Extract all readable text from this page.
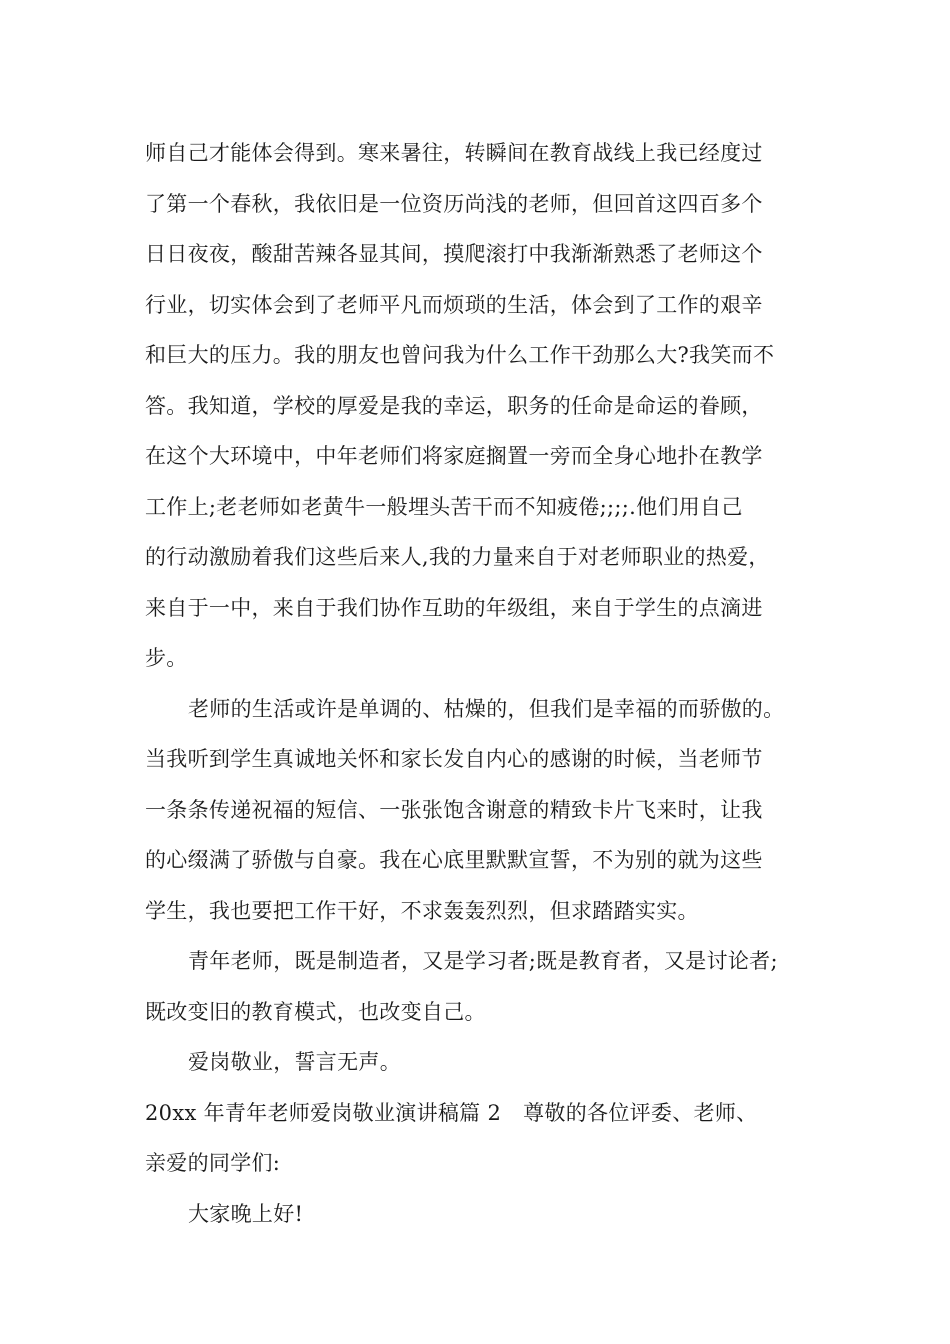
师自己才能体会得到。寒来暑往，转瞬间在教育战线上我已经度过
了第一个春秋，我依旧是一位资历尚浅的老师，但回首这四百多个
日日夜夜，酸甜苦辣各显其间，摸爬滚打中我渐渐熟悉了老师这个
行业，切实体会到了老师平凡而烦琐的生活，体会到了工作的艰辛
和巨大的压力。我的朋友也曾问我为什么工作干劲那么大?我笑而不
答。我知道，学校的厚爱是我的幸运，职务的任命是命运的眷顾，
在这个大环境中，中年老师们将家庭搁置一旁而全身心地扑在教学
工作上;老老师如老黄牛一般埋头苦干而不知疲倦;;;;.他们用自己
的行动激励着我们这些后来人,我的力量来自于对老师职业的热爱，
来自于一中，来自于我们协作互助的年级组，来自于学生的点滴进
步。
老师的生活或许是单调的、枯燥的，但我们是幸福的而骄傲的。
当我听到学生真诚地关怀和家长发自内心的感谢的时候，当老师节
一条条传递祝福的短信、一张张饱含谢意的精致卡片飞来时，让我
的心缀满了骄傲与自豪。我在心底里默默宣誓，不为别的就为这些
学生，我也要把工作干好，不求轰轰烈烈，但求踏踏实实。
青年老师，既是制造者，又是学习者;既是教育者，又是讨论者;
既改变旧的教育模式，也改变自己。
爱岗敬业，誓言无声。
20xx 年青年老师爱岗敬业演讲稿篇 2 尊敬的各位评委、老师、
亲爱的同学们:
大家晚上好!
